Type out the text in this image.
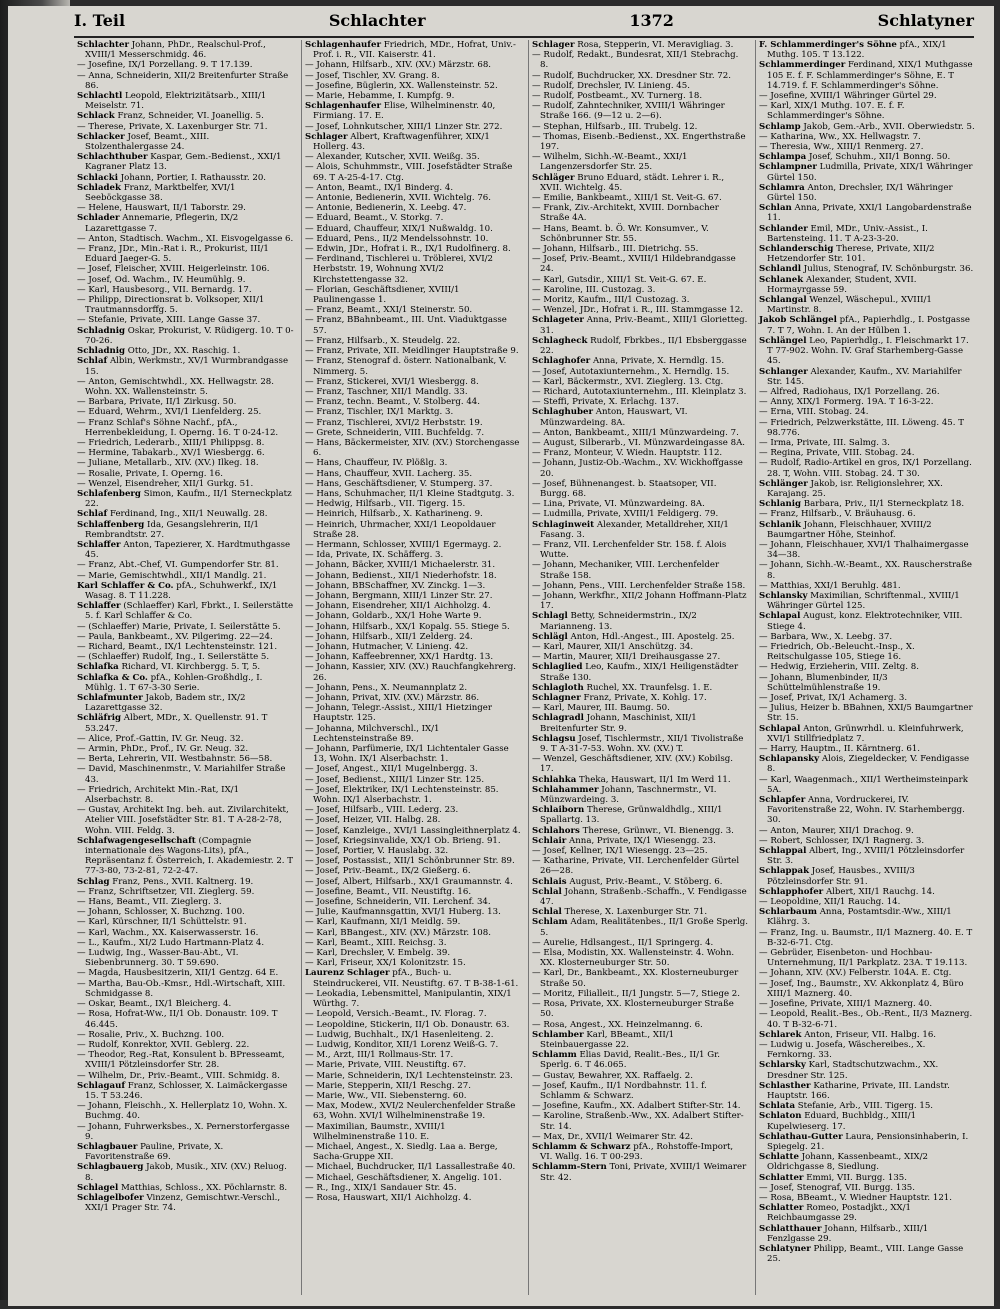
I. Teil	Schlachter	1372	Schlatyner

Schlachter Johann, PhDr., Realschul-Prof., XVIII/1 Messerschmidg. 46.

— Josefine, IX/1 Porzellang. 9. T 17.139.

— Anna, Schneiderin, XII/2 Breitenfurter Straße 86.

Schlachtl Leopold, Elektrizitätsarb., XIII/1 Meiselstr. 71.

Schlack Franz, Schneider, VI. Joanellig. 5.

— Therese, Private, X. Laxenburger Str. 71.

Schlacker Josef, Beamt., XIII. Stolzenthalergasse 24.

Schlachthuber Kaspar, Gem.-Bedienst., XXI/1 Kagraner Platz 13.

Schlacki Johann, Portier, I. Rathausstr. 20.

Schladek Franz, Marktbelfer, XVI/1 Seeböckgasse 38.

— Helene, Hauswart, II/1 Taborstr. 29.

Schlader Annemarie, Pflegerin, IX/2 Lazarettgasse 7.

— Anton, Stadtisch. Wachm., XI. Eisvogelgasse 6.

— Franz, JDr., Min.-Rat i. R., Prokurist, III/1 Eduard Jaeger-G. 5.

— Josef, Fleischer, XVIII. Heigerleinstr. 106.

— Josef, Od. Wachm., IV. Heumühlg. 9.

— Karl, Hausbesorg., VII. Bernardg. 17.

— Philipp, Directionsrat b. Volksoper, XII/1 Trautmannsdorffg. 5.

— Stefanie, Private, XIII. Lange Gasse 37.

Schladnig Oskar, Prokurist, V. Rüdigerg. 10. T 0-70-26.

Schladnig Otto, JDr., XX. Raschig. 1.

Schlaf Albin, Werkmstr., XV/1 Wurmbrandgasse 15.

— Anton, Gemischtwhdl., XX. Hellwagstr. 28. Wohn. XX. Wallensteinstr. 5.

— Barbara, Private, II/1 Zirkusg. 50.

— Eduard, Wehrm., XVI/1 Lienfelderg. 25.

— Franz Schlaf's Söhne Nachf., pfA., Herrenbekleidung, I. Operng. 16. T 0-24-12.

— Friedrich, Lederarb., XIII/1 Philippsg. 8.

— Hermine, Tabakarb., XV/1 Wiesbergg. 6.

— Juliane, Metallarb., XIV. (XV.) Ilkeg. 18.

— Rosalie, Private, I. Operng. 16.

— Wenzel, Eisendreher, XII/1 Gurkg. 51.

Schlafenberg Simon, Kaufm., II/1 Sterneckplatz 22.

Schlaf Ferdinand, Ing., XII/1 Neuwallg. 28.

Schlaffenberg Ida, Gesangslehrerin, II/1 Rembrandtstr. 27.

Schlaffer Anton, Tapezierer, X. Hardtmuthgasse 45.

— Franz, Abt.-Chef, VI. Gumpendorfer Str. 81.

— Marie, Gemischtwhdl., XII/1 Mandlg. 21.

Karl Schlaffer & Co. pfA., Schuhwerkf., IX/1 Wasag. 8. T 11.228.

Schlaffer (Schlaeffer) Karl, Fbrkt., I. Seilerstätte 5. f. Karl Schlaffer & Co.

— (Schlaeffer) Marie, Private, I. Seilerstätte 5.

— Paula, Bankbeamt., XV. Pilgerimg. 22—24.

— Richard, Beamt., IX/1 Lechtensteinstr. 121.

— (Schlaeffer) Rudolf, Ing., I. Seilerstätte 5.

Schlafka Richard, VI. Kirchbergg. 5. T, 5.

Schlafka & Co. pfA., Kohlen-Großhdlg., I. Mühlg. 1. T 67-3-30 Serie.

Schlafmunter Jakob, Badem str., IX/2 Lazarettgasse 32.

Schläfrig Albert, MDr., X. Quellenstr. 91. T 53.247.

— Alice, Prof.-Gattin, IV. Gr. Neug. 32.

— Armin, PhDr., Prof., IV. Gr. Neug. 32.

— Berta, Lehrerin, VII. Westbahnstr. 56—58.

— David, Maschinenmstr., V. Mariahilfer Straße 43.

— Friedrich, Architekt Min.-Rat, IX/1 Alserbachstr. 8.

— Gustav, Architekt Ing. beh. aut. Zivilarchitekt, Atelier VIII. Josefstädter Str. 81. T A-28-2-78, Wohn. VIII. Feldg. 3.

Schlafwagengesellschaft (Compagnie internationale des Wagons-Lits), pfA., Repräsentanz f. Österreich, I. Akademiestr. 2. T 77-3-80, 73-2-81, 72-2-47.

Schlag Franz, Pens., XVII. Kaltnerg. 19.

— Franz, Schriftsetzer, VII. Zieglerg. 59.

— Hans, Beamt., VII. Zieglerg. 3.

— Johann, Schlosser, X. Buchzng. 100.

— Karl, Kürschner, II/1 Schüttelstr. 91.

— Karl, Wachm., XX. Kaiserwasserstr. 16.

— L., Kaufm., XI/2 Ludo Hartmann-Platz 4.

— Ludwig, Ing., Wasser-Bau-Abt., VI. Siebenbrunnerg. 30. T 59.690.

— Magda, Hausbesitzerin, XII/1 Gentzg. 64 E.

— Martha, Bau-Ob.-Kmsr., Hdl.-Wirtschaft, XIII. Schmidgasse 8.

— Oskar, Beamt., IX/1 Bleicherg. 4.

— Rosa, Hofrat-Ww., II/1 Ob. Donaustr. 109. T 46.445.

— Rosalie, Priv., X. Buchzng. 100.

— Rudolf, Konrektor, XVII. Geblerg. 22.

— Theodor, Reg.-Rat, Konsulent b. BPresseamt, XVIII/1 Pötzleinsdorfer Str. 28.

— Wilhelm, Dr., Priv.-Beamt., VIII. Schmidg. 8.

Schlagauf Franz, Schlosser, X. Laimäckergasse 15. T 53.246.

— Johann, Fleischh., X. Hellerplatz 10, Wohn. X. Buchmg. 40.

— Johann, Fuhrwerksbes., X. Pernerstorfergasse 9.

Schlagbauer Pauline, Private, X. Favoritenstraße 69.

Schlagbauerg Jakob, Musik., XIV. (XV.) Reluog. 8.

Schlagel Matthias, Schloss., XX. Pöchlarnstr. 8.

Schlagelbofer Vinzenz, Gemischtwr.-Verschl., XXI/1 Prager Str. 74.

Schlagenhaufer Friedrich, MDr., Hofrat, Univ.-Prof. i. R., VII. Kaiserstr. 41.

— Johann, Hilfsarb., XIV. (XV.) Märzstr. 68.

— Josef, Tischler, XV. Grang. 8.

— Josefine, Büglerin, XX. Wallensteinstr. 52.

— Marie, Hebamme, I. Kumpfg. 9.

Schlagenhaufer Elise, Wilhelminenstr. 40, Firmiang. 17. E.

— Josef, Lohnkutscher, XIII/1 Linzer Str. 272.

Schlager Albert, Kraftwagenführer, XIX/1 Hollerg. 43.

— Alexander, Kutscher, XVII. Weißg. 35.

— Alois, Schuhmmstr., VIII. Josefstädter Straße 69. T A-25-4-17. Ctg.

— Anton, Beamt., IX/1 Binderg. 4.

— Antonie, Bedienerin, XVII. Wichtelg. 76.

— Antonie, Bedienerin, X. Leebg. 47.

— Eduard, Beamt., V. Storkg. 7.

— Eduard, Chauffeur, XIX/1 Nußwaldg. 10.

— Eduard, Pens., II/2 Mendelssohnstr. 10.

— Edwin, JDr., Hofrat i. R., IX/1 Rudolfinerg. 8.

— Ferdinand, Tischlerei u. Tröblerei, XVI/2 Herbststr. 19, Wohnung XVI/2 Kirchstettengasse 32.

— Florian, Geschäftsdiener, XVIII/1 Paulinengasse 1.

— Franz, Beamt., XXI/1 Steinerstr. 50.

— Franz, BBahnbeamt., III. Unt. Viaduktgasse 57.

— Franz, Hilfsarb., X. Steudelg. 22.

— Franz, Private, XII. Meidlinger Hauptstraße 9.

— Franz, Stenograf d. österr. Nationalbank, V. Nimmerg. 5.

— Franz, Stickerei, XVI/1 Wiesbergg. 8.

— Franz, Taschner, XII/1 Mandlg. 33.

— Franz, techn. Beamt., V. Stolberg. 44.

— Franz, Tischler, IX/1 Marktg. 3.

— Franz, Tischlerei, XVI/2 Herbststr. 19.

— Grete, Schneiderin, VIII. Buchfeldg. 7.

— Hans, Bäckermeister, XIV. (XV.) Storchengasse 6.

— Hans, Chauffeur, IV. Plößlg. 3.

— Hans, Chauffeur, XVII. Lacherg. 35.

— Hans, Geschäftsdiener, V. Stumperg. 37.

— Hans, Schuhmacher, II/1 Kleine Stadtgutg. 3.

— Hedwig, Hilfsarb., VII. Tigerg. 15.

— Heinrich, Hilfsarb., X. Katharineng. 9.

— Heinrich, Uhrmacher, XXI/1 Leopoldauer Straße 28.

— Hermann, Schlosser, XVIII/1 Egermayg. 2.

— Ida, Private, IX. Schäfferg. 3.

— Johann, Bäcker, XVIII/1 Michaelerstr. 31.

— Johann, Bedienst., XII/1 Niederhofstr. 18.

— Johann, BBSchaffner, XV. Zinckg. 1—3.

— Johann, Bergmann, XIII/1 Linzer Str. 27.

— Johann, Eisendreher, XII/1 Aichholzg. 4.

— Johann, Goldarb., XX/1 Hohe Warte 9.

— Johann, Hilfsarb., XX/1 Kopalg. 55. Stiege 5.

— Johann, Hilfsarb., XII/1 Zelderg. 24.

— Johann, Hutmacher, V. Linieng. 42.

— Johann, Kaffeebrenner, XX/1 Hardtg. 13.

— Johann, Kassier, XIV. (XV.) Rauchfangkehrerg. 26.

— Johann, Pens., X. Neumannplatz 2.

— Johann, Privat, XIV. (XV.) Märzstr. 86.

— Johann, Telegr.-Assist., XIII/1 Hietzinger Hauptstr. 125.

— Johanna, Milchverschl., IX/1 Lechtensteinstraße 89.

— Johann, Parfümerie, IX/1 Lichtentaler Gasse 13, Wohn. IX/1 Alserbachstr. 1.

— Josef, Angest., XII/1 Mugelnbergg. 3.

— Josef, Bedienst., XIII/1 Linzer Str. 125.

— Josef, Elektriker, IX/1 Lechtensteinstr. 85. Wohn. IX/1 Alserbachstr. 1.

— Josef, Hilfsarb., VIII. Lederg. 23.

— Josef, Heizer, VII. Halbg. 28.

— Josef, Kanzleige., XVI/1 Lassingleithnerplatz 4.

— Josef, Kriegsinvalide, XX/1 Ob. Brieng. 91.

— Josef, Portier, V. Hauslabg. 32.

— Josef, Postassist., XII/1 Schönbrunner Str. 89.

— Josef, Priv.-Beamt., IX/2 Gießerg. 6.

— Josef, Albert, Hilfsarb., XX/1 Graumannstr. 4.

— Josefine, Beamt., VII. Neustiftg. 16.

— Josefine, Schneiderin, VII. Lerchenf. 34.

— Julie, Kaufmannsgattin, XVI/1 Huberg. 13.

— Karl, Kaufmann, XI/1 Meidlg. 59.

— Karl, BBangest., XIV. (XV.) Märzstr. 108.

— Karl, Beamt., XIII. Reichsg. 3.

— Karl, Drechsler, V. Embelg. 39.

— Karl, Friseur, XX/1 Kolonitzstr. 15.

Laurenz Schlager pfA., Buch- u. Steindruckerei, VII. Neustiftg. 67. T B-38-1-61.

— Leokadia, Lebensmittel, Manipulantin, XIX/1 Würthg. 7.

— Leopold, Versich.-Beamt., IV. Florag. 7.

— Leopoldine, Stickerin, II/1 Ob. Donaustr. 63.

— Ludwig, Buchhalt., IX/1 Hasenleiteng. 2.

— Ludwig, Konditor, XII/1 Lorenz Weiß-G. 7.

— M., Arzt, III/1 Rollmaus-Str. 17.

— Marie, Private, VIII. Neustiftg. 67.

— Marie, Schneiderin, IX/1 Lechtensteinstr. 23.

— Marie, Stepperin, XII/1 Reschg. 27.

— Marie, Ww., VII. Siebensterng. 60.

— Max, Modew., XVI/2 Neulerchenfelder Straße 63, Wohn. XVI/1 Wilhelminenstraße 19.

— Maximilian, Baumstr., XVIII/1 Wilhelminenstraße 110. E.

— Michael, Angest., X. Siedlg. Laa a. Berge, Sacha-Gruppe XII.

— Michael, Buchdrucker, II/1 Lassallestraße 40.

— Michael, Geschäftsdiener, X. Angelig. 101.

— R., Ing., XIX/1 Sandauer Str. 45.

— Rosa, Hauswart, XII/1 Aichholzg. 4.

Schlager Rosa, Stepperin, VI. Meravigliag. 3.

— Rudolf, Redakt., Bundesrat, XII/1 Stebrachg. 8.

— Rudolf, Buchdrucker, XX. Dresdner Str. 72.

— Rudolf, Drechsler, IV. Linieng. 45.

— Rudolf, Postbeamt., XV. Turnerg. 18.

— Rudolf, Zahntechniker, XVIII/1 Währinger Straße 166. (9—12 u. 2—6).

— Stephan, Hilfsarb., III. Trubelg. 12.

— Thomas, Eisenb.-Bedienst., XX. Engerthstraße 197.

— Wilhelm, Sichh.-W.-Beamt., XXI/1 Langenzersdorfer Str. 25.

Schläger Bruno Eduard, städt. Lehrer i. R., XVII. Wichtelg. 45.

— Emilie, Bankbeamt., XIII/1 St. Veit-G. 67.

— Frank, Ziv.-Architekt, XVIII. Dornbacher Straße 4A.

— Hans, Beamt. b. Ö. Wr. Konsumver., V. Schönbrunner Str. 55.

— Johann, Hilfsarb., III. Dietrichg. 55.

— Josef, Priv.-Beamt., XVIII/1 Hildebrandgasse 24.

— Karl, Gutsdir., XIII/1 St. Veit-G. 67. E.

— Karoline, III. Custozag. 3.

— Moritz, Kaufm., III/1 Custozag. 3.

— Wenzel, JDr., Hofrat i. R., III. Stammgasse 12.

Schlageter Anna, Priv.-Beamt., XIII/1 Glorietteg. 31.

Schlagheck Rudolf, Fbrkbes., II/1 Ebsberggasse 22.

Schlaghofer Anna, Private, X. Herndlg. 15.

— Josef, Autotaxiunternehm., X. Herndlg. 15.

— Karl, Bäckermstr., XVI. Zieglerg. 13. Ctg.

— Richard, Autotaxiunternehm., III. Kleinplatz 3.

— Steffi, Private, X. Erlachg. 137.

Schlaghuber Anton, Hauswart, VI. Münzwardeing. 8A.

— Anton, Bankbeamt., XIII/1 Münzwardeing. 7.

— August, Silberarb., VI. Münzwardeingasse 8A.

— Franz, Monteur, V. Wiedn. Hauptstr. 112.

— Johann, Justiz-Ob.-Wachm., XV. Wickhoffgasse 20.

— Josef, Bühnenangest. b. Staatsoper, VII. Burgg. 68.

— Lina, Private, VI. Münzwardeing. 8A.

— Ludmilla, Private, XVIII/1 Feldigerg. 79.

Schlaginweit Alexander, Metalldreher, XII/1 Fasang. 3.

— Franz, VII. Lerchenfelder Str. 158. f. Alois Wutte.

— Johann, Mechaniker, VIII. Lerchenfelder Straße 158.

— Johann, Pens., VIII. Lerchenfelder Straße 158.

— Johann, Werkfhr., XII/2 Johann Hoffmann-Platz 17.

Schlagl Betty, Schneidermstrin., IX/2 Marianneng. 13.

Schlägl Anton, Hdl.-Angest., III. Apostelg. 25.

— Karl, Maurer, XII/1 Anschützg. 34.

— Martin, Maurer, XII/1 Dreihausgasse 27.

Schlaglied Leo, Kaufm., XIX/1 Heiligenstädter Straße 130.

Schlagloth Ruchel, XX. Traunfelsg. 1. E.

Schlagner Franz, Private, X. Kohlg. 17.

— Karl, Maurer, III. Baumg. 50.

Schlagradl Johann, Maschinist, XII/1 Breitenfurter Str. 9.

Schlagsu Josef, Tischlermstr., XII/1 Tivolistraße 9. T A-31-7-53. Wohn. XV. (XV.) T.

— Wenzel, Geschäftsdiener, XIV. (XV.) Kobilsg. 17.

Schlahka Theka, Hauswart, II/1 Im Werd 11.

Schlahammer Johann, Taschnermstr., VI. Münzwardeing. 3.

Schlaiborn Therese, Grünwaldhdlg., XIII/1 Spallartg. 13.

Schlahors Therese, Grünwr., VI. Bienengg. 3.

Schlair Anna, Private, IX/1 Wiesengg. 23.

— Josef, Kellner, IX/1 Wiesengg. 23—25.

— Katharine, Private, VII. Lerchenfelder Gürtel 26—28.

Schlais August, Priv.-Beamt., V. Stöberg. 6.

Schlal Johann, Straßenb.-Schaffn., V. Fendigasse 47.

Schlal Therese, X. Laxenburger Str. 71.

Schlam Adam, Realitätenbes., II/1 Große Sperlg. 5.

— Aurelie, Hdlsangest., II/1 Springerg. 4.

— Elsa, Modistin, XX. Wallensteinstr. 4. Wohn. XX. Klosterneuburger Str. 50.

— Karl, Dr., Bankbeamt., XX. Klosterneuburger Straße 50.

— Moritz, Filialleit., II/1 Jungstr. 5—7, Stiege 2.

— Rosa, Private, XX. Klosterneuburger Straße 50.

— Rosa, Angest., XX. Heinzelmanng. 6.

Schlamber Karl, BBeamt., XII/1 Steinbauergasse 22.

Schlamm Elias David, Realit.-Bes., II/1 Gr. Sperlg. 6. T 46.065.

— Gustav, Bewahrer, XX. Raffaelg. 2.

— Josef, Kaufm., II/1 Nordbahnstr. 11. f. Schlamm & Schwarz.

— Josefine, Kaufm., XX. Adalbert Stifter-Str. 14.

— Karoline, Straßenb.-Ww., XX. Adalbert Stifter-Str. 14.

— Max, Dr., XVII/1 Weimarer Str. 42.

Schlamm & Schwarz pfA., Rohstoffe-Import, VI. Wallg. 16. T 00-293.

Schlamm-Stern Toni, Private, XVIII/1 Weimarer Str. 42.

F. Schlammerdinger's Söhne pfA., XIX/1 Muthg. 105. T 13.122.

Schlammerdinger Ferdinand, XIX/1 Muthgasse 105 E. f. F. Schlammerdinger's Söhne, E. T 14.719. f. F. Schlammerdinger's Söhne.

— Josefine, XVIII/1 Währinger Gürtel 29.

— Karl, XIX/1 Muthg. 107. E. f. F. Schlammerdinger's Söhne.

Schlamp Jakob, Gem.-Arb., XVII. Oberwiedstr. 5.

— Katharina, Ww., XX. Hellwagstr. 7.

— Theresia, Ww., XIII/1 Renmerg. 27.

Schlampa Josef, Schuhm., XII/1 Bonng. 50.

Schlampner Ludmilla, Private, XIX/1 Währinger Gürtel 150.

Schlamra Anton, Drechsler, IX/1 Währinger Gürtel 150.

Schlan Anna, Private, XXI/1 Langobardenstraße 11.

Schlander Emil, MDr., Univ.-Assist., I. Bartensteing. 11. T A-23-3-20.

Schlanderschig Therese, Private, XII/2 Hetzendorfer Str. 101.

Schlandl Julius, Stenograf, IV. Schönburgstr. 36.

Schlanek Alexander, Student, XVII. Hormayrgasse 59.

Schlangal Wenzel, Wäschepul., XVIII/1 Martinstr. 8.

Jakob Schlängel pfA., Papierhdlg., I. Postgasse 7. T 7, Wohn. I. An der Hülben 1.

Schlängel Leo, Papierhdlg., I. Fleischmarkt 17. T 77-902. Wohn. IV. Graf Starhemberg-Gasse 45.

Schlanger Alexander, Kaufm., XV. Mariahilfer Str. 145.

— Alfred, Radiohaus, IX/1 Porzellang. 26.

— Anny, XIX/1 Formerg. 19A. T 16-3-22.

— Erna, VIII. Stobag. 24.

— Friedrich, Pelzwerkstätte, III. Löweng. 45. T 98.776.

— Irma, Private, III. Salmg. 3.

— Regina, Private, VIII. Stobag. 24.

— Rudolf, Radio-Artikel en gros, IX/1 Porzellang. 28. T, Wohn. VIII. Stobag. 24. T 30.

Schlänger Jakob, isr. Religionslehrer, XX. Karajang. 25.

Schlanig Barbara, Priv., II/1 Sterneckplatz 18.

— Franz, Hilfsarb., V. Bräuhausg. 6.

Schlanik Johann, Fleischhauer, XVIII/2 Baumgartner Höhe, Steinhof.

— Johann, Fleischhauer, XVI/1 Thalhaimergasse 34—38.

— Johann, Sichh.-W.-Beamt., XX. Rauscherstraße 8.

— Matthias, XXI/1 Beruhlg. 481.

Schlansky Maximilian, Schriftenmal., XVIII/1 Währinger Gürtel 125.

Schlapal August, konz. Elektrotechniker, VIII. Stiege 4.

— Barbara, Ww., X. Leebg. 37.

— Friedrich, Ob.-Beleucht.-Insp., X. Reitschulgasse 105, Stiege 16.

— Hedwig, Erzieherin, VIII. Zeltg. 8.

— Johann, Blumenbinder, II/3 Schüttelmühlenstraße 19.

— Josef, Privat, IX/1 Achamerg. 3.

— Julius, Heizer b. BBahnen, XXI/5 Baumgartner Str. 15.

Schlapal Anton, Grünwrhdl. u. Kleinfuhrwerk, XVI/1 Stillfriedplatz 7.

— Harry, Hauptm., II. Kärntnerg. 61.

Schlapansky Alois, Ziegeldecker, V. Fendigasse 8.

— Karl, Waagenmach., XII/1 Wertheimsteinpark 5A.

Schlapfer Anna, Vordruckerei, IV. Favoritenstraße 22, Wohn. IV. Starhembergg. 30.

— Anton, Maurer, XII/1 Drachog. 9.

— Robert, Schlosser, IX/1 Ragnerg. 3.

Schlappal Albert, Ing., XVIII/1 Pötzleinsdorfer Str. 3.

Schlappak Josef, Hausbes., XVIII/3 Pötzleinsdorfer Str. 91.

Schlapphofer Albert, XII/1 Rauchg. 14.

— Leopoldine, XII/1 Rauchg. 14.

Schlarbaum Anna, Postamtsdir.-Ww., XIII/1 Klährg. 3.

— Franz, Ing. u. Baumstr., II/1 Maznerg. 40. E. T B-32-6-71. Ctg.

— Gebrüder, Eisenbeton- und Hochbau-Unternehmung, II/1 Parkplatz. 23A. T 19.113.

— Johann, XIV. (XV.) Felberstr. 104A. E. Ctg.

— Josef, Ing., Baumstr., XV. Akkonplatz 4, Büro XIII/1 Maznerg. 40.

— Josefine, Private, XIII/1 Maznerg. 40.

— Leopold, Realit.-Bes., Ob.-Rent., II/3 Maznerg. 40. T B-32-6-71.

Schlarek Anton, Friseur, VII. Halbg. 16.

— Ludwig u. Josefa, Wäschereibes., X. Fernkorng. 33.

Schlarsky Karl, Stadtschutzwachm., XX. Dresdner Str. 125.

Schlasther Katharine, Private, III. Landstr. Hauptstr. 166.

Schlata Stefanie, Arb., VIII. Tigerg. 15.

Schlaton Eduard, Buchbldg., XIII/1 Kupelwieserg. 17.

Schlathau-Gutter Laura, Pensionsinhaberin, I. Spiegelg. 21.

Schlatte Johann, Kassenbeamt., XIX/2 Oldrichgasse 8, Siedlung.

Schlatter Emmi, VII. Burgg. 135.

— Josef, Stenograf, VII. Burgg. 135.

— Rosa, BBeamt., V. Wiedner Hauptstr. 121.

Schlatter Romeo, Postadjkt., XX/1 Reichbaumgasse 29.

Schlatthauer Johann, Hilfsarb., XIII/1 Fenzlgasse 29.

Schlatyner Philipp, Beamt., VIII. Lange Gasse 25.
